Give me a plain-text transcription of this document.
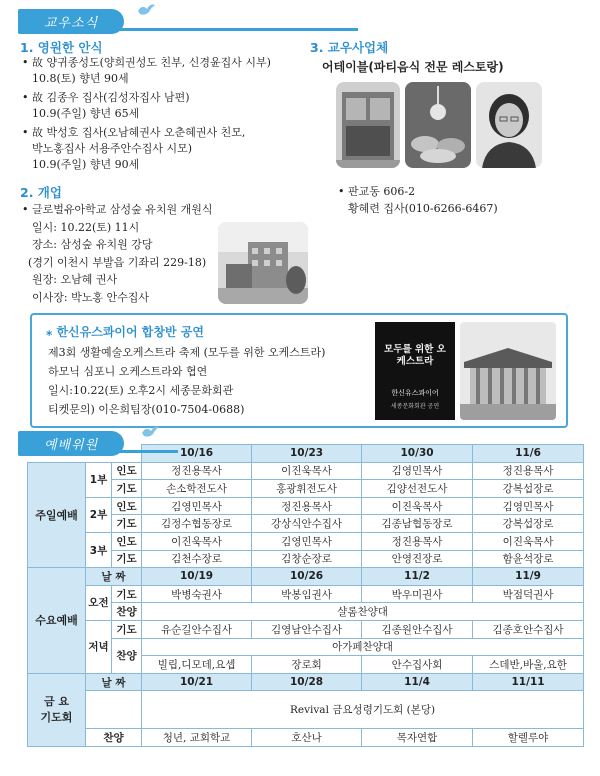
교우소식
1. 영원한 안식
• 故 양귀종성도(양희권성도 친부, 신경윤집사 시부)
10.8(토) 향년 90세
• 故 김종우 집사(김성자집사 남편)
10.9(주일) 향년 65세
• 故 박성호 집사(오남혜권사 오춘혜권사 친모,
박노홍집사 서용주안수집사 시모)
10.9(주일) 향년 90세
2. 개업
• 글로벌유아학교 삼성숲 유치원 개원식
일시: 10.22(토) 11시
장소: 삼성숲 유치원 강당
(경기 이천시 부발읍 기좌리 229-18)
원장: 오남혜 권사
이사장: 박노홍 안수집사
3. 교우사업체
어테이블(파티음식 전문 레스토랑)
• 판교동 606-2
황혜련 집사(010-6266-6467)
⁎ 한신유스콰이어 합창반 공연
제3회 생활예술오케스트라 축제 (모두를 위한 오케스트라)
하모닉 심포니 오케스트라와 협연
일시:10.22(토) 오후2시 세종문화회관
티켓문의) 이은희팀장(010-7504-0688)
모두를 위한 오케스트라
한신유스콰이어
세종문화회관 공연
예배위원
			10/16	10/23	10/30	11/6
주일예배	1부	인도	정진용목사	이진욱목사	김영민목사	정진용목사
		기도	손소학전도사	홍광휘전도사	김양선전도사	강복섭장로
	2부	인도	김영민목사	정진용목사	이진욱목사	김영민목사
		기도	김정수협동장로	강상식안수집사	김종남협동장로	강복섭장로
	3부	인도	이진욱목사	김영민목사	정진용목사	이진욱목사
		기도	김천수장로	김창순장로	안영진장로	함윤석장로
수요예배	날 짜		10/19	10/26	11/2	11/9
	오전	기도	박병숙권사	박봉임권사	박우미권사	박점덕권사
		찬양	샬롬찬양대			
	저녁	기도	유순길안수집사	김영남안수집사	김종원안수집사	김종호안수집사
		찬양	아가페찬양대			
			빌립,디모데,요셉	장로회	안수집사회	스데반,바울,요한

금 요
기도회	날 짜		10/21	10/28	11/4	11/11
			Revival 금요성령기도회 (본당)			

	찬양		청년, 교회학교	호산나	목자연합	할렐루야
